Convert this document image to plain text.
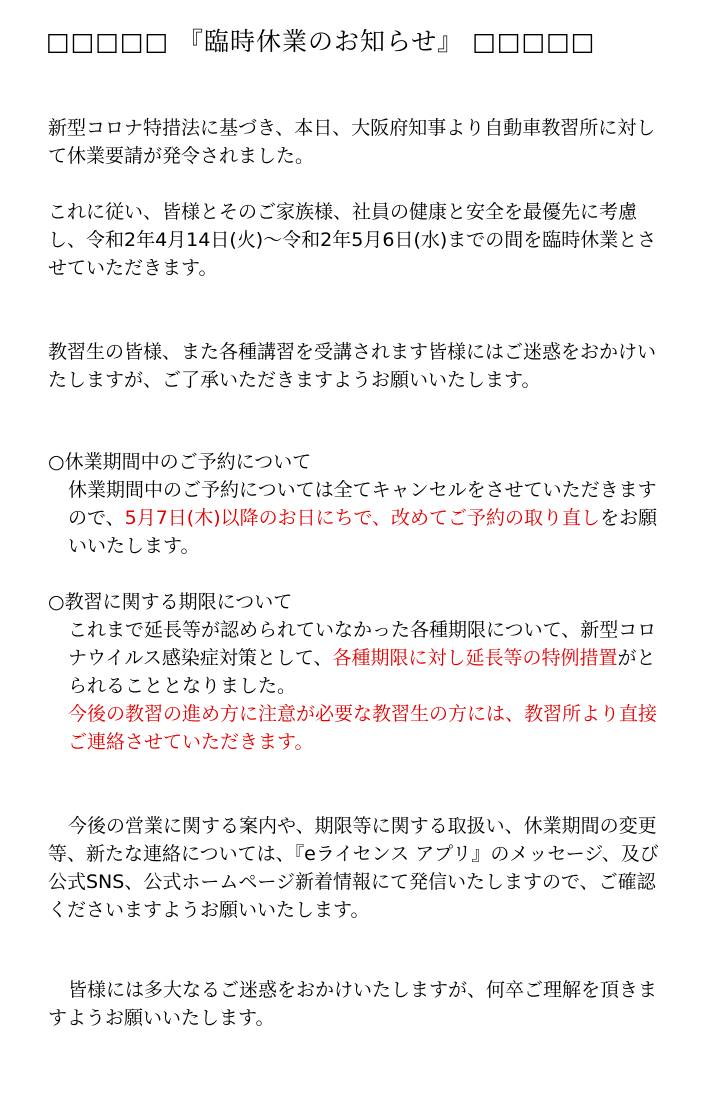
□□□□□ 『臨時休業のお知らせ』 □□□□□

新型コロナ特措法に基づき、本日、大阪府知事より自動車教習所に対して休業要請が発令されました。

これに従い、皆様とそのご家族様、社員の健康と安全を最優先に考慮し、令和2年4月14日(火)〜令和2年5月6日(水)までの間を臨時休業とさせていただきます。

教習生の皆様、また各種講習を受講されます皆様にはご迷惑をおかけいたしますが、ご了承いただきますようお願いいたします。

○休業期間中のご予約について

休業期間中のご予約については全てキャンセルをさせていただきますので、5月7日(木)以降のお日にちで、改めてご予約の取り直しをお願いいたします。

○教習に関する期限について

これまで延長等が認められていなかった各種期限について、新型コロナウイルス感染症対策として、各種期限に対し延長等の特例措置がとられることとなりました。
今後の教習の進め方に注意が必要な教習生の方には、教習所より直接ご連絡させていただきます。

今後の営業に関する案内や、期限等に関する取扱い、休業期間の変更等、新たな連絡については、『eライセンス アプリ』のメッセージ、及び公式SNS、公式ホームページ新着情報にて発信いたしますので、ご確認くださいますようお願いいたします。

皆様には多大なるご迷惑をおかけいたしますが、何卒ご理解を頂きますようお願いいたします。
